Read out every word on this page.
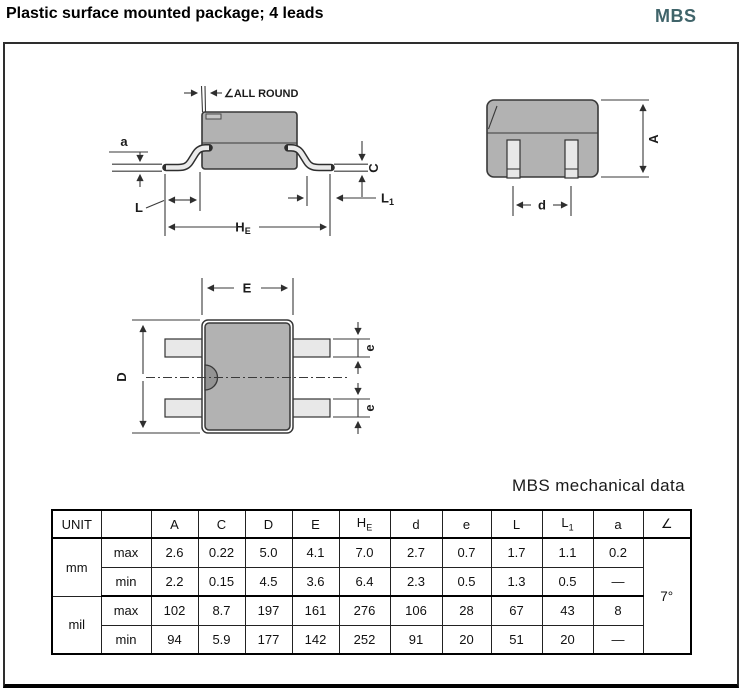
Plastic surface mounted package; 4 leads	MBS
∠ALL ROUND
a
L
HE
C
L1
A
d
E
D
e
e
MBS mechanical data
UNIT		A	C	D	E	$H_E$	d	e	L	$L_1$	a	∠
mm	max	2.6	0.22	5.0	4.1	7.0	2.7	0.7	1.7	1.1	0.2	7°
	min	2.2	0.15	4.5	3.6	6.4	2.3	0.5	1.3	0.5	—	
mil	max	102	8.7	197	161	276	106	28	67	43	8	
	min	94	5.9	177	142	252	91	20	51	20	—	
